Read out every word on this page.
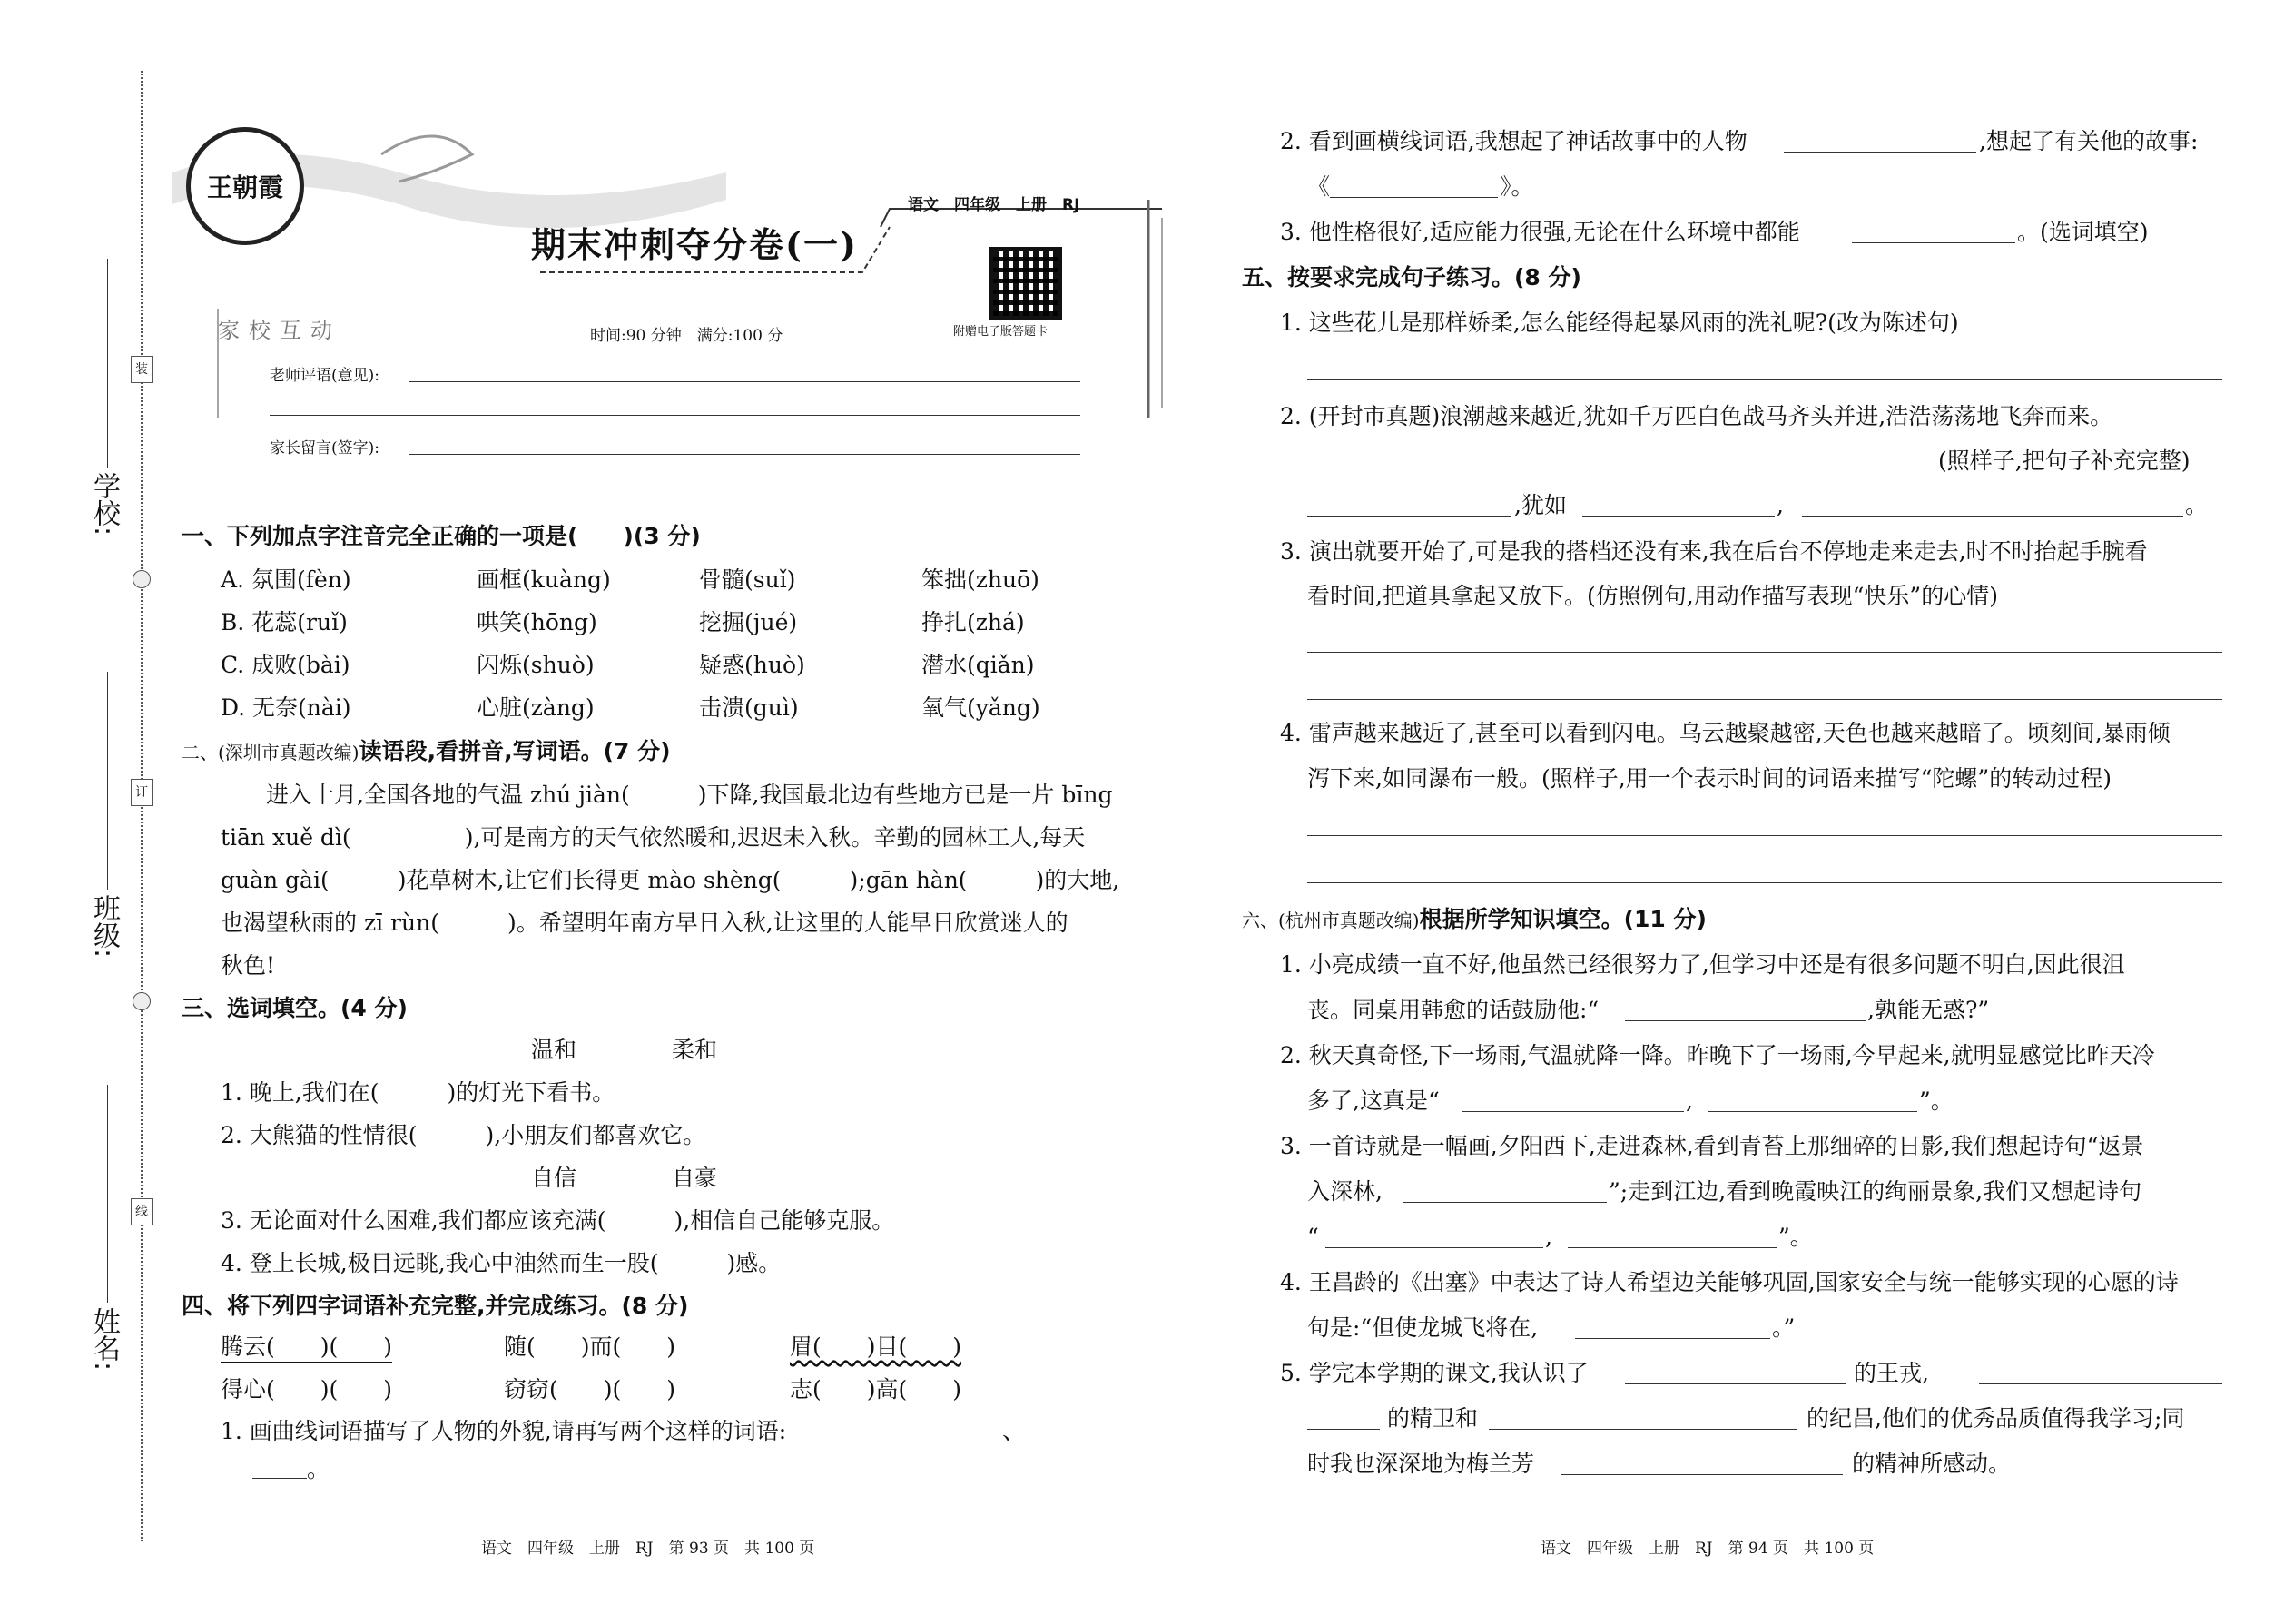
装
订
线
学校:
班级:
姓名:
王朝霞
语文　四年级　上册　RJ
期末冲刺夺分卷(一)
附赠电子版答题卡
家校互动	时间:90 分钟　满分:100 分
老师评语(意见):
家长留言(签字):
一、下列加点字注音完全正确的一项是(　　)(3 分)
A. 氛围(fèn)	画框(kuàng)	骨髓(suǐ)	笨拙(zhuō)
B. 花蕊(ruǐ)	哄笑(hōng)	挖掘(jué)	挣扎(zhá)
C. 成败(bài)	闪烁(shuò)	疑惑(huò)	潜水(qiǎn)
D. 无奈(nài)	心脏(zàng)	击溃(guì)	氧气(yǎng)
二、(深圳市真题改编)读语段,看拼音,写词语。(7 分)
进入十月,全国各地的气温 zhú jiàn(　　　)下降,我国最北边有些地方已是一片 bīng
tiān xuě dì(　　　　　),可是南方的天气依然暖和,迟迟未入秋。辛勤的园林工人,每天
guàn gài(　　　)花草树木,让它们长得更 mào shèng(　　　);gān hàn(　　　)的大地,
也渴望秋雨的 zī rùn(　　　)。希望明年南方早日入秋,让这里的人能早日欣赏迷人的
秋色!
三、选词填空。(4 分)
温和	柔和
1. 晚上,我们在(　　　)的灯光下看书。
2. 大熊猫的性情很(　　　),小朋友们都喜欢它。
自信	自豪
3. 无论面对什么困难,我们都应该充满(　　　),相信自己能够克服。
4. 登上长城,极目远眺,我心中油然而生一股(　　　)感。
四、将下列四字词语补充完整,并完成练习。(8 分)
腾云(　　)(　　)	随(　　)而(　　)	眉(　　)目(　　)
得心(　　)(　　)	窃窃(　　)(　　)	志(　　)高(　　)
1. 画曲线词语描写了人物的外貌,请再写两个这样的词语:	、
。
语文　四年级　上册　RJ　第 93 页　共 100 页
2. 看到画横线词语,我想起了神话故事中的人物	,想起了有关他的故事:
《	》。
3. 他性格很好,适应能力很强,无论在什么环境中都能	。(选词填空)
五、按要求完成句子练习。(8 分)
1. 这些花儿是那样娇柔,怎么能经得起暴风雨的洗礼呢?(改为陈述句)
2. (开封市真题)浪潮越来越近,犹如千万匹白色战马齐头并进,浩浩荡荡地飞奔而来。
(照样子,把句子补充完整)
,犹如	,	。
3. 演出就要开始了,可是我的搭档还没有来,我在后台不停地走来走去,时不时抬起手腕看
看时间,把道具拿起又放下。(仿照例句,用动作描写表现“快乐”的心情)
4. 雷声越来越近了,甚至可以看到闪电。乌云越聚越密,天色也越来越暗了。顷刻间,暴雨倾
泻下来,如同瀑布一般。(照样子,用一个表示时间的词语来描写“陀螺”的转动过程)
六、(杭州市真题改编)根据所学知识填空。(11 分)
1. 小亮成绩一直不好,他虽然已经很努力了,但学习中还是有很多问题不明白,因此很沮
丧。同桌用韩愈的话鼓励他:“	,孰能无惑?”
2. 秋天真奇怪,下一场雨,气温就降一降。昨晚下了一场雨,今早起来,就明显感觉比昨天冷
多了,这真是“	,	”。
3. 一首诗就是一幅画,夕阳西下,走进森林,看到青苔上那细碎的日影,我们想起诗句“返景
入深林,	”;走到江边,看到晚霞映江的绚丽景象,我们又想起诗句
“	,	”。
4. 王昌龄的《出塞》中表达了诗人希望边关能够巩固,国家安全与统一能够实现的心愿的诗
句是:“但使龙城飞将在,	。”
5. 学完本学期的课文,我认识了	的王戎,
的精卫和	的纪昌,他们的优秀品质值得我学习;同
时我也深深地为梅兰芳	的精神所感动。
语文　四年级　上册　RJ　第 94 页　共 100 页
